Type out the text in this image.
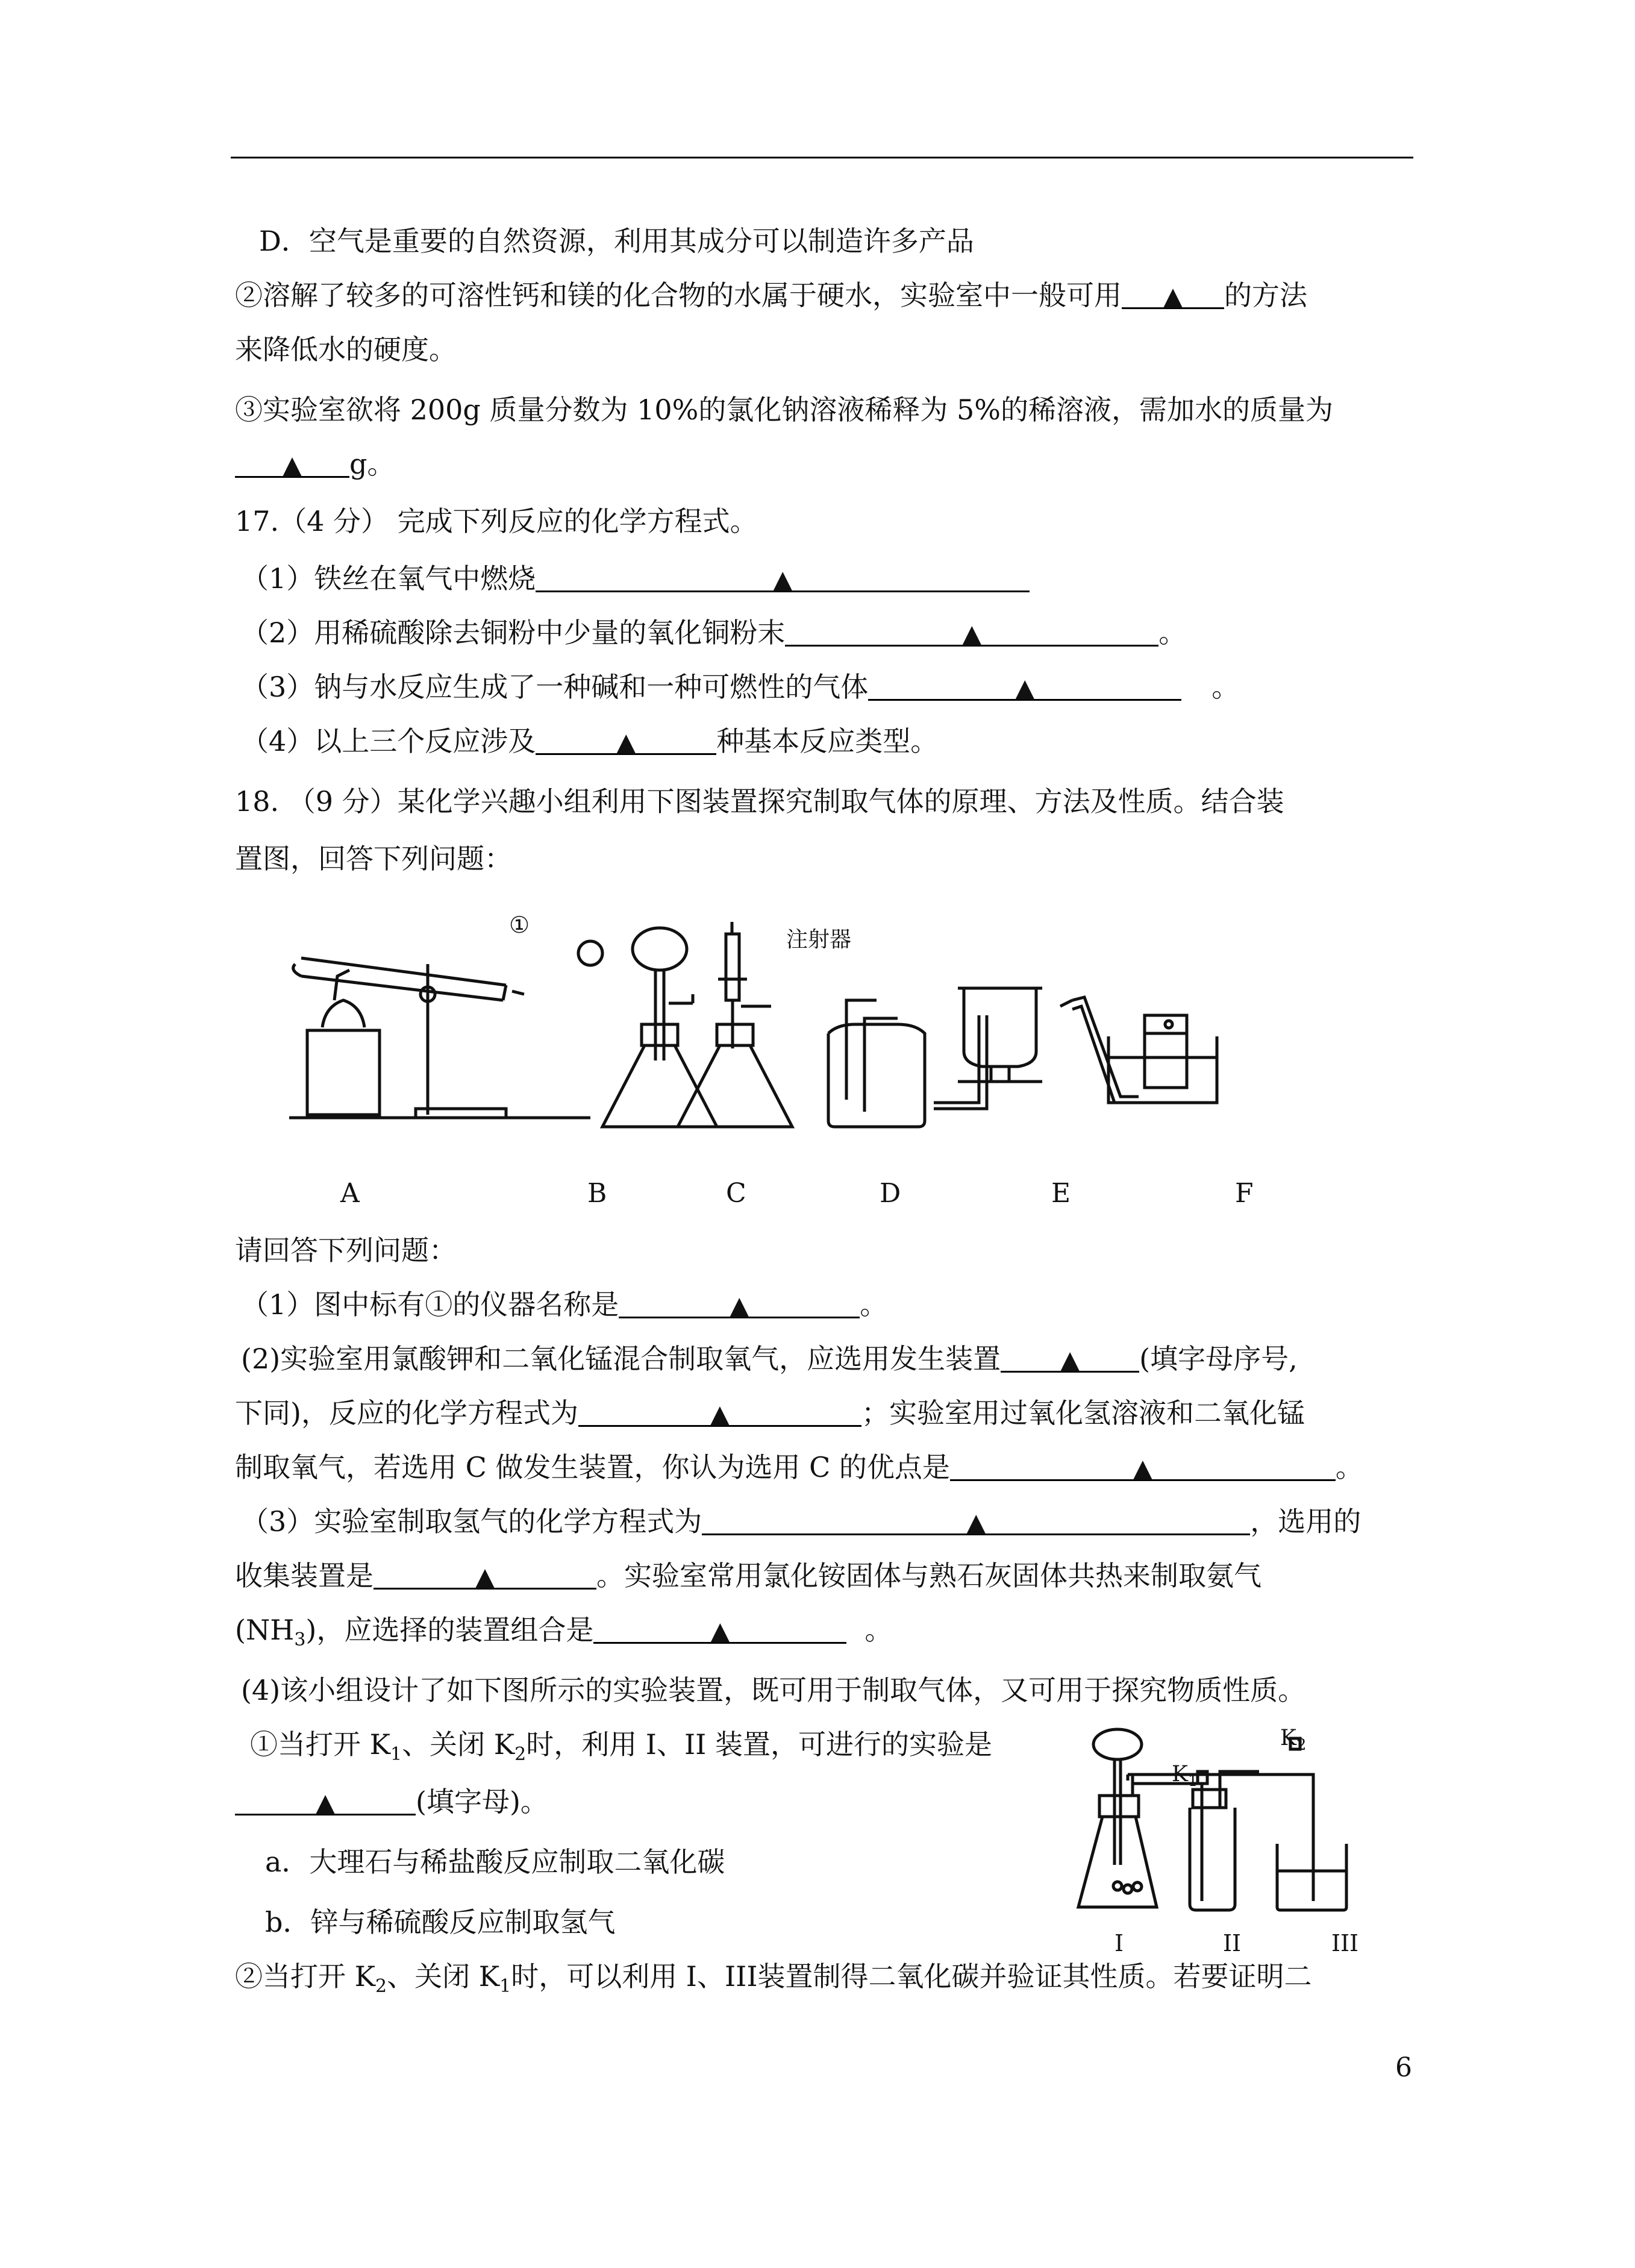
D．空气是重要的自然资源，利用其成分可以制造许多产品
②溶解了较多的可溶性钙和镁的化合物的水属于硬水，实验室中一般可用 ▲ 的方法
来降低水的硬度。
③实验室欲将 200g 质量分数为 10%的氯化钠溶液稀释为 5%的稀溶液，需加水的质量为
▲ g。
17.（4 分） 完成下列反应的化学方程式。
（1）铁丝在氧气中燃烧	▲
（2）用稀硫酸除去铜粉中少量的氧化铜粉末	▲	。
（3）钠与水反应生成了一种碱和一种可燃性的气体	▲	。
（4）以上三个反应涉及	▲	种基本反应类型。
18. （9 分）某化学兴趣小组利用下图装置探究制取气体的原理、方法及性质。结合装
置图，回答下列问题：
①
注射器
A	B	C	D	E	F
请回答下列问题：
（1）图中标有①的仪器名称是	▲	。
(2)实验室用氯酸钾和二氧化锰混合制取氧气，应选用发生装置 ▲ (填字母序号,
下同)，反应的化学方程式为	▲	；实验室用过氧化氢溶液和二氧化锰
制取氧气，若选用 C 做发生装置，你认为选用 C 的优点是	▲	。
（3）实验室制取氢气的化学方程式为	▲	，选用的
收集装置是	▲	。实验室常用氯化铵固体与熟石灰固体共热来制取氨气
$(NH_3)$，应选择的装置组合是	▲	。
(4)该小组设计了如下图所示的实验装置，既可用于制取气体，又可用于探究物质性质。
①当打开 $K_1$、关闭 $K_2$时，利用 I、II 装置，可进行的实验是
▲	(填字母)。
a．大理石与稀盐酸反应制取二氧化碳
b．锌与稀硫酸反应制取氢气
②当打开 $K_2$、关闭 $K_1$时，可以利用 I、III装置制得二氧化碳并验证其性质。若要证明二
$K_2$
$K_1$
I	II	III
6
